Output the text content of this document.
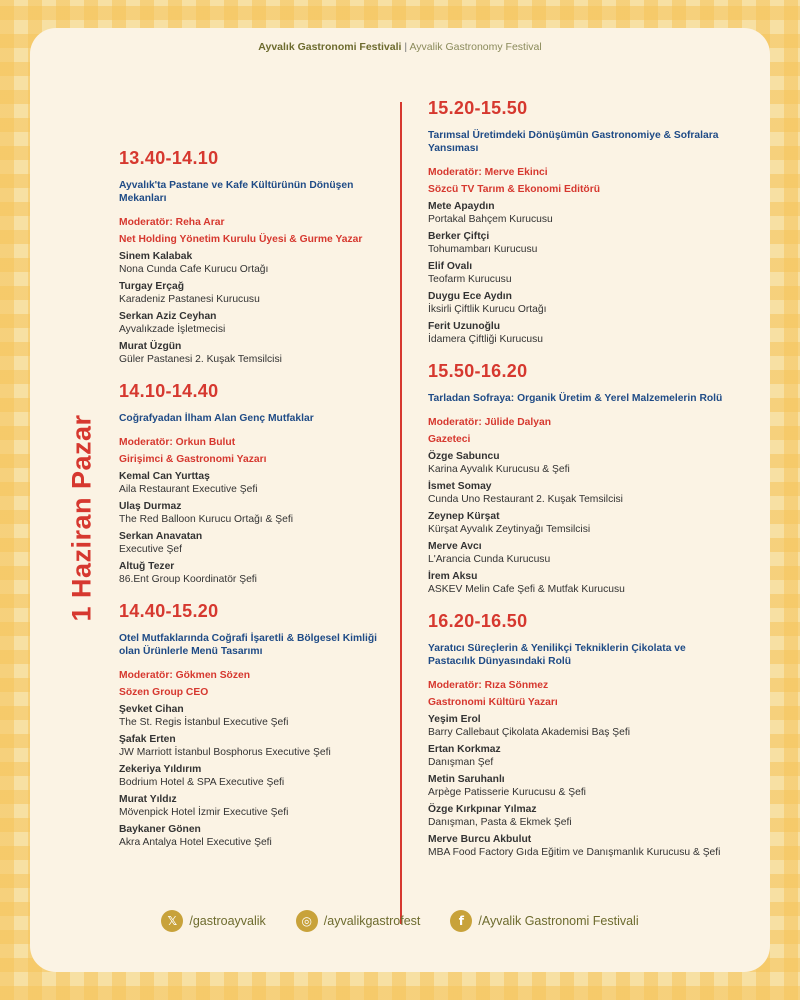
Ayvalık Gastronomi Festivali | Ayvalik Gastronomy Festival
1 Haziran Pazar
13.40-14.10
Ayvalık'ta Pastane ve Kafe Kültürünün Dönüşen Mekanları
Moderatör: Reha Arar
Net Holding Yönetim Kurulu Üyesi & Gurme Yazar
Sinem Kalabak
Nona Cunda Cafe Kurucu Ortağı
Turgay Erçağ
Karadeniz Pastanesi Kurucusu
Serkan Aziz Ceyhan
Ayvalıkzade İşletmecisi
Murat Üzgün
Güler Pastanesi 2. Kuşak Temsilcisi
14.10-14.40
Coğrafyadan İlham Alan Genç Mutfaklar
Moderatör: Orkun Bulut
Girişimci & Gastronomi Yazarı
Kemal Can Yurttaş
Aila Restaurant Executive Şefi
Ulaş Durmaz
The Red Balloon Kurucu Ortağı & Şefi
Serkan Anavatan
Executive Şef
Altuğ Tezer
86.Ent Group Koordinatör Şefi
14.40-15.20
Otel Mutfaklarında Coğrafi İşaretli & Bölgesel Kimliği olan Ürünlerle Menü Tasarımı
Moderatör: Gökmen Sözen
Sözen Group CEO
Şevket Cihan
The St. Regis İstanbul Executive Şefi
Şafak Erten
JW Marriott İstanbul Bosphorus Executive Şefi
Zekeriya Yıldırım
Bodrium Hotel & SPA Executive Şefi
Murat Yıldız
Mövenpick Hotel İzmir Executive Şefi
Baykaner Gönen
Akra Antalya Hotel Executive Şefi
15.20-15.50
Tarımsal Üretimdeki Dönüşümün Gastronomiye & Sofralara Yansıması
Moderatör: Merve Ekinci
Sözcü TV Tarım & Ekonomi Editörü
Mete Apaydın
Portakal Bahçem Kurucusu
Berker Çiftçi
Tohumambarı Kurucusu
Elif Ovalı
Teofarm Kurucusu
Duygu Ece Aydın
İksirli Çiftlik Kurucu Ortağı
Ferit Uzunoğlu
İdamera Çiftliği Kurucusu
15.50-16.20
Tarladan Sofraya: Organik Üretim & Yerel Malzemelerin Rolü
Moderatör: Jülide Dalyan
Gazeteci
Özge Sabuncu
Karina Ayvalık Kurucusu & Şefi
İsmet Somay
Cunda Uno Restaurant 2. Kuşak Temsilcisi
Zeynep Kürşat
Kürşat Ayvalık Zeytinyağı Temsilcisi
Merve Avcı
L'Arancia Cunda Kurucusu
İrem Aksu
ASKEV Melin Cafe Şefi & Mutfak Kurucusu
16.20-16.50
Yaratıcı Süreçlerin & Yenilikçi Tekniklerin Çikolata ve Pastacılık Dünyasındaki Rolü
Moderatör: Rıza Sönmez
Gastronomi Kültürü Yazarı
Yeşim Erol
Barry Callebaut Çikolata Akademisi Baş Şefi
Ertan Korkmaz
Danışman Şef
Metin Saruhanlı
Arpège Patisserie Kurucusu & Şefi
Özge Kırkpınar Yılmaz
Danışman, Pasta & Ekmek Şefi
Merve Burcu Akbulut
MBA Food Factory Gıda Eğitim ve Danışmanlık Kurucusu & Şefi
𝕏 /gastroayvalik	◎ /ayvalikgastrofest	f	/Ayvalik Gastronomi Festivali
